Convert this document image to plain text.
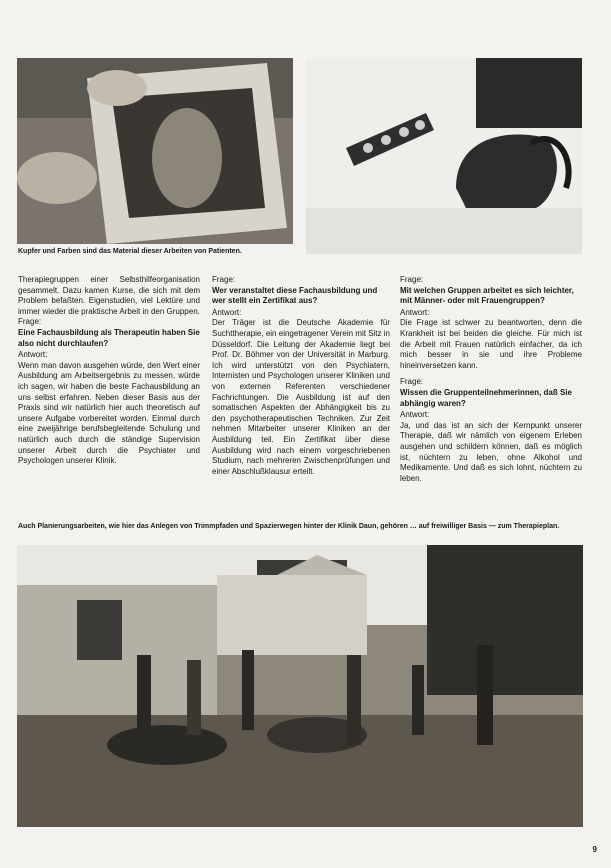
Kupfer und Farben sind das Material dieser Arbeiten von Patienten.

Therapiegruppen einer Selbsthilfeorganisation gesammelt. Dazu kamen Kurse, die sich mit dem Problem befaßten. Eigenstudien, viel Lektüre und immer wieder die praktische Arbeit in den Gruppen.

Frage:
Eine Fachausbildung als Therapeutin haben Sie also nicht durchlaufen?
Antwort:

Wenn man davon ausgehen würde, den Wert einer Ausbildung am Arbeitsergebnis zu messen, würde ich sagen, wir haben die beste Fachausbildung an uns selbst erfahren. Neben dieser Basis aus der Praxis sind wir natürlich hier auch theoretisch auf unsere Aufgabe vorbereitet worden. Einmal durch eine zweijährige berufsbegleitende Schulung und natürlich auch durch die ständige Supervision unserer Arbeit durch die Psychiater und Psychologen unserer Klinik.

Frage:
Wer veranstaltet diese Fachausbildung und wer stellt ein Zertifikat aus?
Antwort:

Der Träger ist die Deutsche Akademie für Suchttherapie, ein eingetragener Verein mit Sitz in Düsseldorf. Die Leitung der Akademie liegt bei Prof. Dr. Böhmer von der Universität in Marburg. Ich wird unterstützt von den Psychiatern, Internisten und Psychologen unserer Kliniken und von externen Referenten verschiedener Fachrichtungen. Die Ausbildung ist auf den somatischen Aspekten der Abhängigkeit bis zu den psychotherapeutischen Techniken. Zur Zeit nehmen Mitarbeiter unserer Kliniken an der Ausbildung teil. Ein Zertifikat über diese Ausbildung wird nach einem vorgeschriebenen Studium, nach mehreren Zwischenprüfungen und einer Abschlußklausur erteilt.

Frage:
Mit welchen Gruppen arbeitet es sich leichter, mit Männer- oder mit Frauengruppen?
Antwort:

Die Frage ist schwer zu beantworten, denn die Krankheit ist bei beiden die gleiche. Für mich ist die Arbeit mit Frauen natürlich einfacher, da ich mich besser in sie und ihre Probleme hineinversetzen kann.

Frage:
Wissen die Gruppenteilnehmerinnen, daß Sie abhängig waren?
Antwort:

Ja, und das ist an sich der Kernpunkt unserer Therapie, daß wir nämlich von eigenem Erleben ausgehen und schildern können, daß es möglich ist, nüchtern zu leben, ohne Alkohol und Medikamente. Und daß es sich lohnt, nüchtern zu leben.

Auch Planierungsarbeiten, wie hier das Anlegen von Trimmpfaden und Spazierwegen hinter der Klinik Daun, gehören … auf freiwilliger Basis — zum Therapieplan.
9
